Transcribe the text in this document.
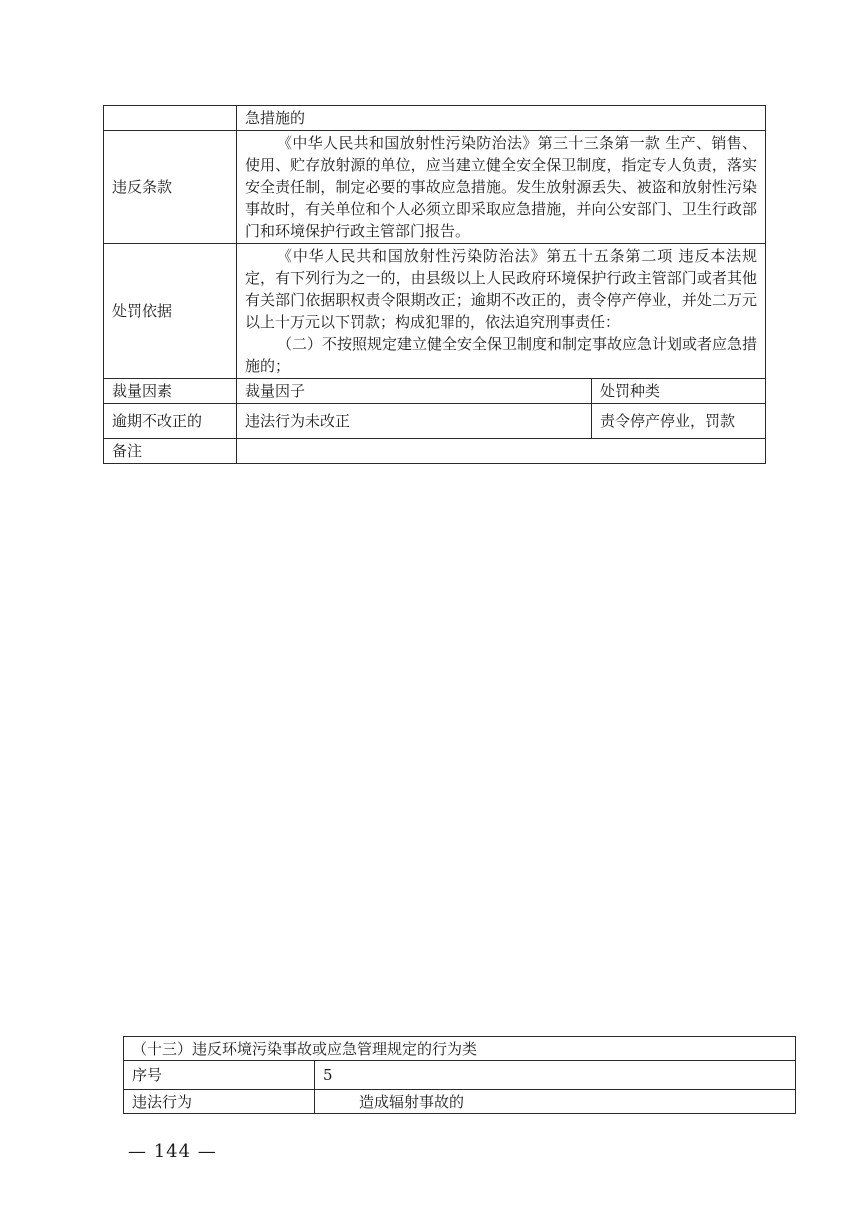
	急措施的	
违反条款	《中华人民共和国放射性污染防治法》第三十三条第一款 生产、销售、使用、贮存放射源的单位，应当建立健全安全保卫制度，指定专人负责，落实安全责任制，制定必要的事故应急措施。发生放射源丢失、被盗和放射性污染事故时，有关单位和个人必须立即采取应急措施，并向公安部门、卫生行政部门和环境保护行政主管部门报告。	

处罚依据	《中华人民共和国放射性污染防治法》第五十五条第二项 违反本法规定，有下列行为之一的，由县级以上人民政府环境保护行政主管部门或者其他有关部门依据职权责令限期改正；逾期不改正的，责令停产停业，并处二万元以上十万元以下罚款；构成犯罪的，依法追究刑事责任：

（二）不按照规定建立健全安全保卫制度和制定事故应急计划或者应急措施的；	

裁量因素	裁量因子	处罚种类
逾期不改正的	违法行为未改正	责令停产停业，罚款
备注		
（十三）违反环境污染事故或应急管理规定的行为类	
序号	5
违法行为	造成辐射事故的
— 144 —
